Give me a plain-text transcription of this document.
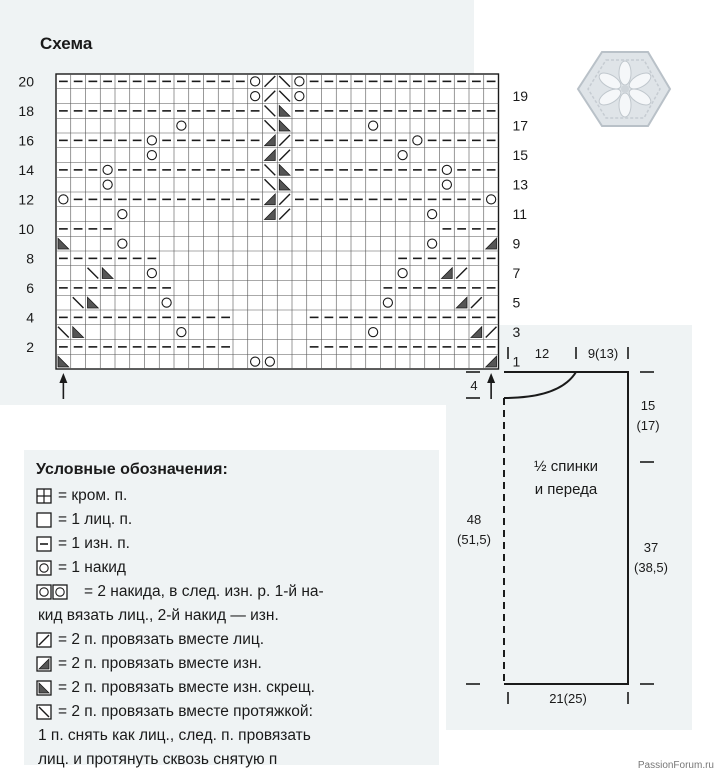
Схема
20
18
16
14
12
10
8
6
4
2
19
17
15
13
11
9
7
5
3
1
Условные обозначения:
= кром. п.
= 1 лиц. п.
= 1 изн. п.
= 1 накид
= 2 накида, в след. изн. р. 1-й на-
кид вязать лиц., 2-й накид — изн.
= 2 п. провязать вместе лиц.
= 2 п. провязать вместе изн.
= 2 п. провязать вместе изн. скрещ.
= 2 п. провязать вместе протяжкой:
1 п. снять как лиц., след. п. провязать
лиц. и протянуть сквозь снятую п
12	9(13)
4
15
(17)
48
(51,5)
37
(38,5)
21(25)
½ спинки
и переда
PassionForum.ru
